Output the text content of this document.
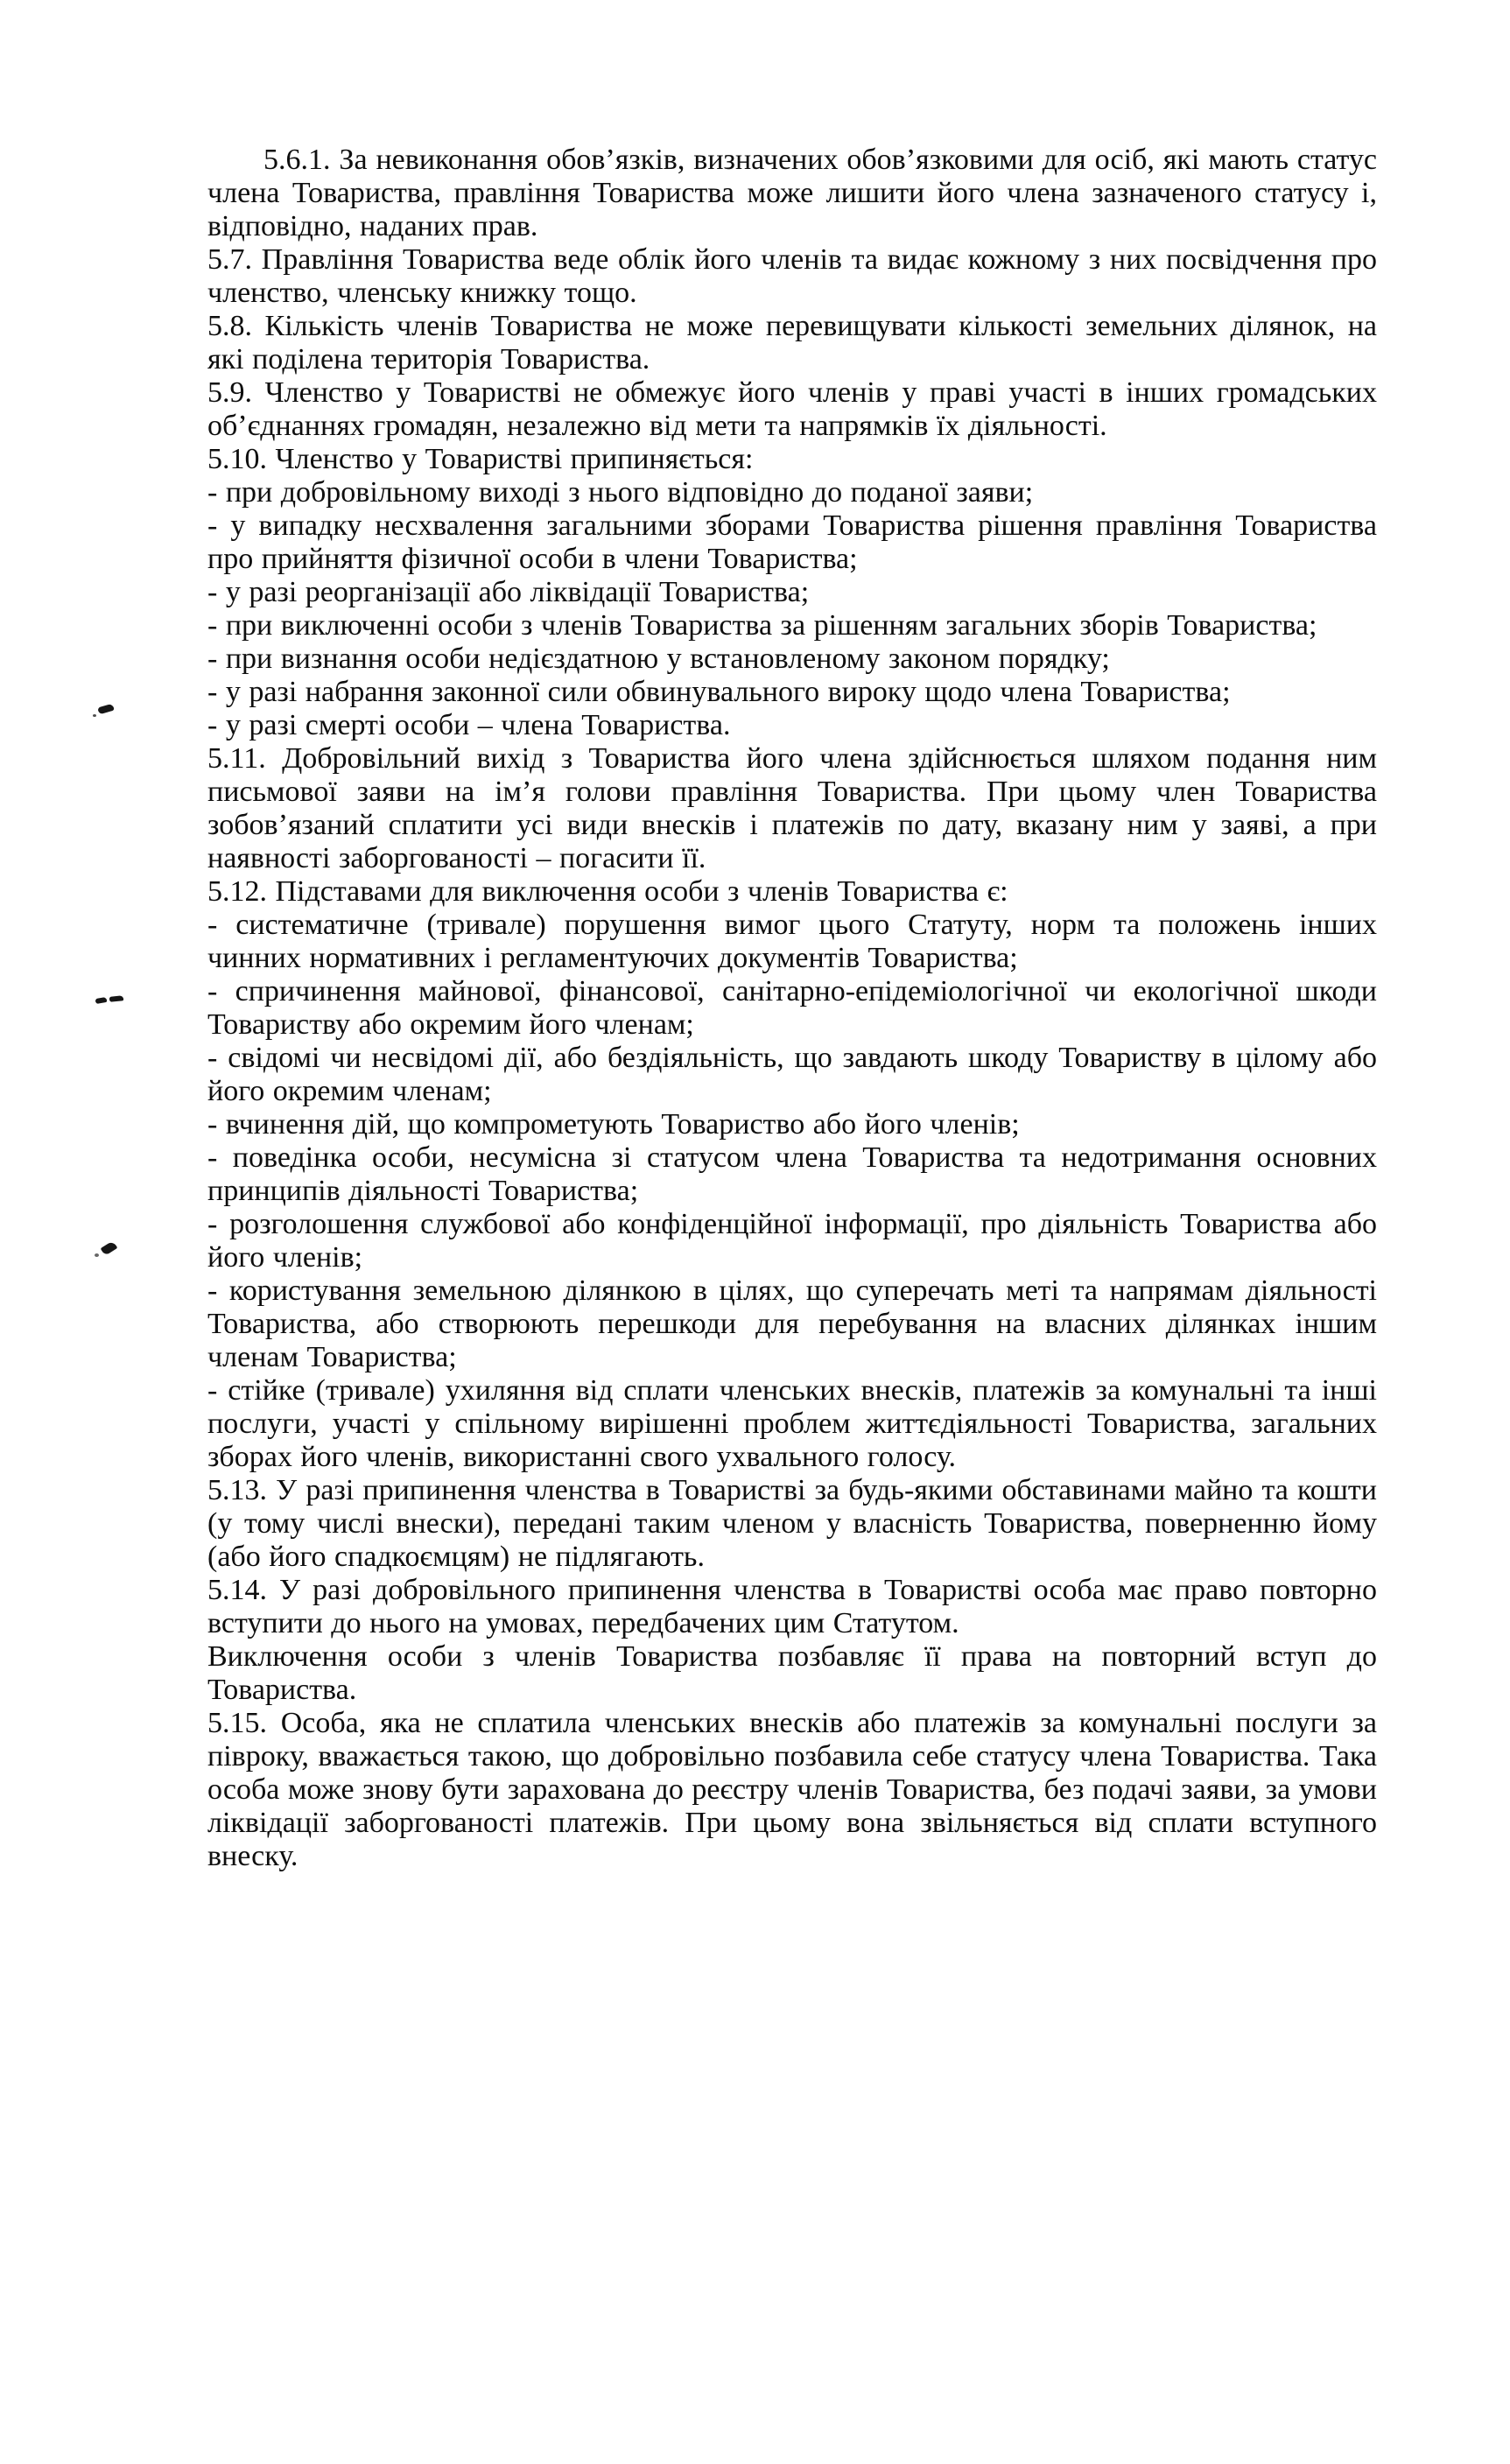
5.6.1. За невиконання обов’язків, визначених обов’язковими для осіб, які мають статус члена Товариства, правління Товариства може лишити його члена зазначеного статусу і, відповідно, наданих прав.

5.7. Правління Товариства веде облік його членів та видає кожному з них посвідчення про членство, членську книжку тощо.

5.8. Кількість членів Товариства не може перевищувати кількості земельних ділянок, на які поділена територія Товариства.

5.9. Членство у Товаристві не обмежує його членів у праві участі в інших громадських об’єднаннях громадян, незалежно від мети та напрямків їх діяльності.

5.10. Членство у Товаристві припиняється:

- при добровільному виході з нього відповідно до поданої заяви;

- у випадку несхвалення загальними зборами Товариства рішення правління Товариства про прийняття фізичної особи в члени Товариства;

- у разі реорганізації або ліквідації Товариства;

- при виключенні особи з членів Товариства за рішенням загальних зборів Товариства;

- при визнання особи недієздатною у встановленому законом порядку;

- у разі набрання законної сили обвинувального вироку щодо члена Товариства;

- у разі смерті особи – члена Товариства.

5.11. Добровільний вихід з Товариства його члена здійснюється шляхом подання ним письмової заяви на ім’я голови правління Товариства. При цьому член Товариства зобов’язаний сплатити усі види внесків і платежів по дату, вказану ним у заяві, а при наявності заборгованості – погасити її.

5.12. Підставами для виключення особи з членів Товариства є:

- систематичне (тривале) порушення вимог цього Статуту, норм та положень інших чинних нормативних і регламентуючих документів Товариства;

- спричинення майнової, фінансової, санітарно-епідеміологічної чи екологічної шкоди Товариству або окремим його членам;

- свідомі чи несвідомі дії, або бездіяльність, що завдають шкоду Товариству в цілому або його окремим членам;

- вчинення дій, що компрометують Товариство або його членів;

- поведінка особи, несумісна зі статусом члена Товариства та недотримання основних принципів діяльності Товариства;

- розголошення службової або конфіденційної інформації, про діяльність Товариства або його членів;

- користування земельною ділянкою в цілях, що суперечать меті та напрямам діяльності Товариства, або створюють перешкоди для перебування на власних ділянках іншим членам Товариства;

- стійке (тривале) ухиляння від сплати членських внесків, платежів за комунальні та інші послуги, участі у спільному вирішенні проблем життєдіяльності Товариства, загальних зборах його членів, використанні свого ухвального голосу.

5.13. У разі припинення членства в Товаристві за будь-якими обставинами майно та кошти (у тому числі внески), передані таким членом у власність Товариства, поверненню йому (або його спадкоємцям) не підлягають.

5.14. У разі добровільного припинення членства в Товаристві особа має право повторно вступити до нього на умовах, передбачених цим Статутом.

Виключення особи з членів Товариства позбавляє її права на повторний вступ до Товариства.

5.15. Особа, яка не сплатила членських внесків або платежів за комунальні послуги за півроку, вважається такою, що добровільно позбавила себе статусу члена Товариства. Така особа може знову бути зарахована до реєстру членів Товариства, без подачі заяви, за умови ліквідації заборгованості платежів. При цьому вона звільняється від сплати вступного внеску.
